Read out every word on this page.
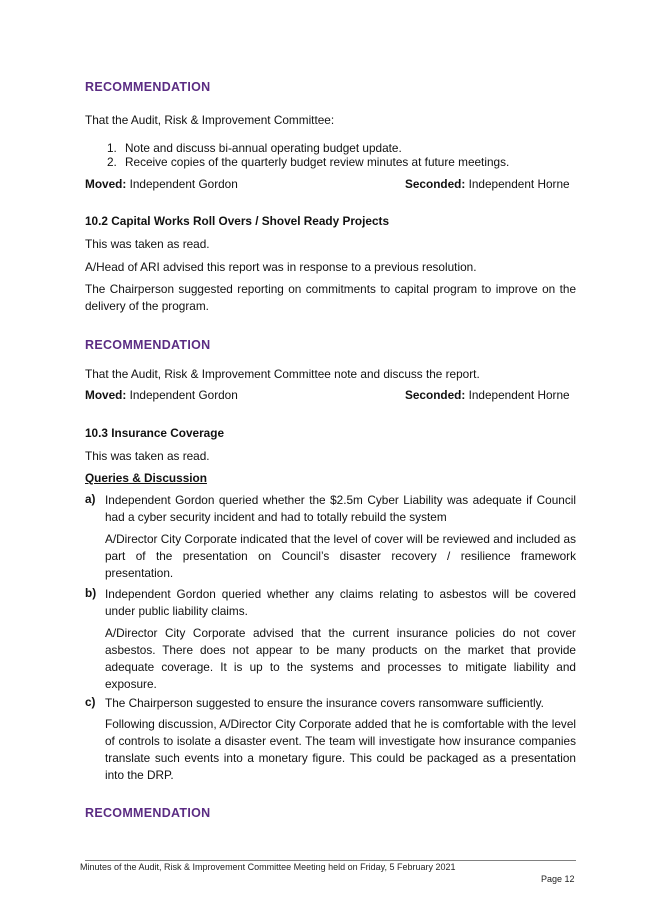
RECOMMENDATION
That the Audit, Risk & Improvement Committee:
1. Note and discuss bi-annual operating budget update.
2. Receive copies of the quarterly budget review minutes at future meetings.
Moved: Independent Gordon	Seconded: Independent Horne
10.2 Capital Works Roll Overs / Shovel Ready Projects
This was taken as read.
A/Head of ARI advised this report was in response to a previous resolution.
The Chairperson suggested reporting on commitments to capital program to improve on the delivery of the program.
RECOMMENDATION
That the Audit, Risk & Improvement Committee note and discuss the report.
Moved: Independent Gordon	Seconded: Independent Horne
10.3 Insurance Coverage
This was taken as read.
Queries & Discussion
a) Independent Gordon queried whether the $2.5m Cyber Liability was adequate if Council had a cyber security incident and had to totally rebuild the system
A/Director City Corporate indicated that the level of cover will be reviewed and included as part of the presentation on Council’s disaster recovery / resilience framework presentation.
b) Independent Gordon queried whether any claims relating to asbestos will be covered under public liability claims.
A/Director City Corporate advised that the current insurance policies do not cover asbestos. There does not appear to be many products on the market that provide adequate coverage. It is up to the systems and processes to mitigate liability and exposure.
c) The Chairperson suggested to ensure the insurance covers ransomware sufficiently.
Following discussion, A/Director City Corporate added that he is comfortable with the level of controls to isolate a disaster event. The team will investigate how insurance companies translate such events into a monetary figure. This could be packaged as a presentation into the DRP.
RECOMMENDATION
Minutes of the Audit, Risk & Improvement Committee Meeting held on Friday, 5 February 2021
Page 12
